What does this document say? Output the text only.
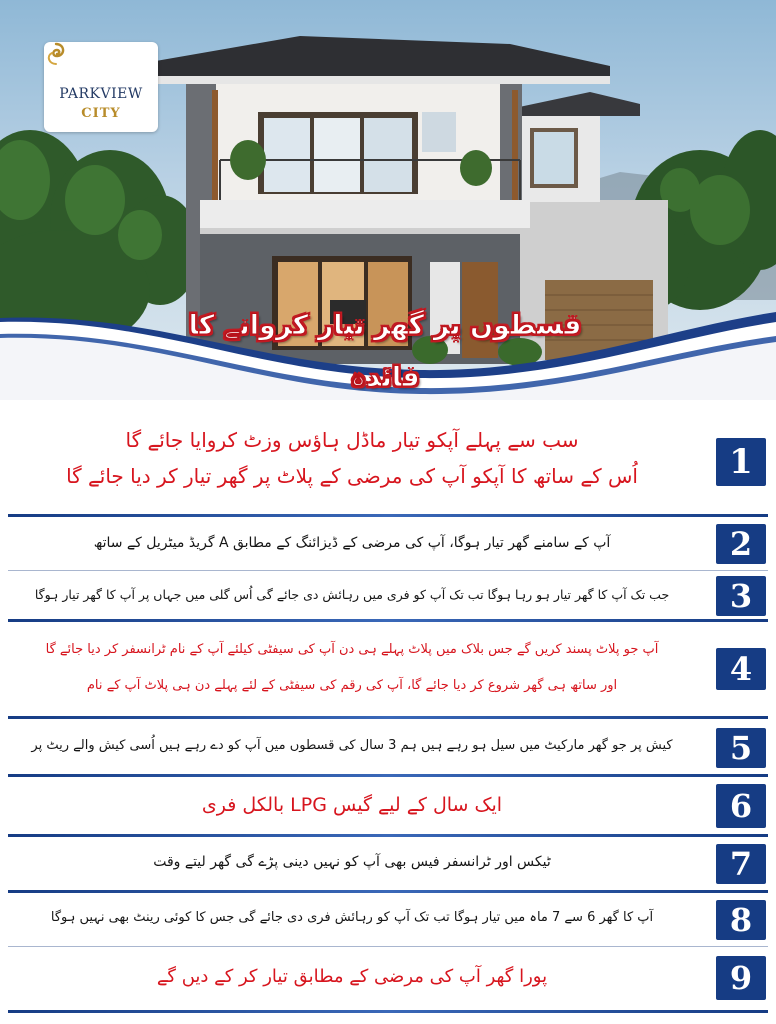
PARKVIEW
CITY
قسطوں پر گھر تیار کروانے کا فائدہ
1
سب سے پہلے آپکو تیار ماڈل ہاؤس وزٹ کروایا جائے گا
اُس کے ساتھ کا آپکو آپ کی مرضی کے پلاٹ پر گھر تیار کر دیا جائے گا
2
آپ کے سامنے گھر تیار ہوگا، آپ کی مرضی کے ڈیزائنگ کے مطابق A گریڈ میٹریل کے ساتھ
3
جب تک آپ کا گھر تیار ہو رہا ہوگا تب تک آپ کو فری میں رہائش دی جائے گی اُس گلی میں جہاں پر آپ کا گھر تیار ہوگا
4
آپ جو پلاٹ پسند کریں گے جس بلاک میں پلاٹ پہلے ہی دن آپ کی سیفٹی کیلئے آپ کے نام ٹرانسفر کر دیا جائے گا
اور ساتھ ہی گھر شروع کر دیا جائے گا، آپ کی رقم کی سیفٹی کے لئے پہلے دن ہی پلاٹ آپ کے نام
5
کیش پر جو گھر مارکیٹ میں سیل ہو رہے ہیں ہم 3 سال کی قسطوں میں آپ کو دے رہے ہیں اُسی کیش والے ریٹ پر
6
ایک سال کے لیے گیس LPG بالکل فری
7
ٹیکس اور ٹرانسفر فیس بھی آپ کو نہیں دینی پڑے گی گھر لیتے وقت
8
آپ کا گھر 6 سے 7 ماہ میں تیار ہوگا تب تک آپ کو رہائش فری دی جائے گی جس کا کوئی رینٹ بھی نہیں ہوگا
9
پورا گھر آپ کی مرضی کے مطابق تیار کر کے دیں گے
